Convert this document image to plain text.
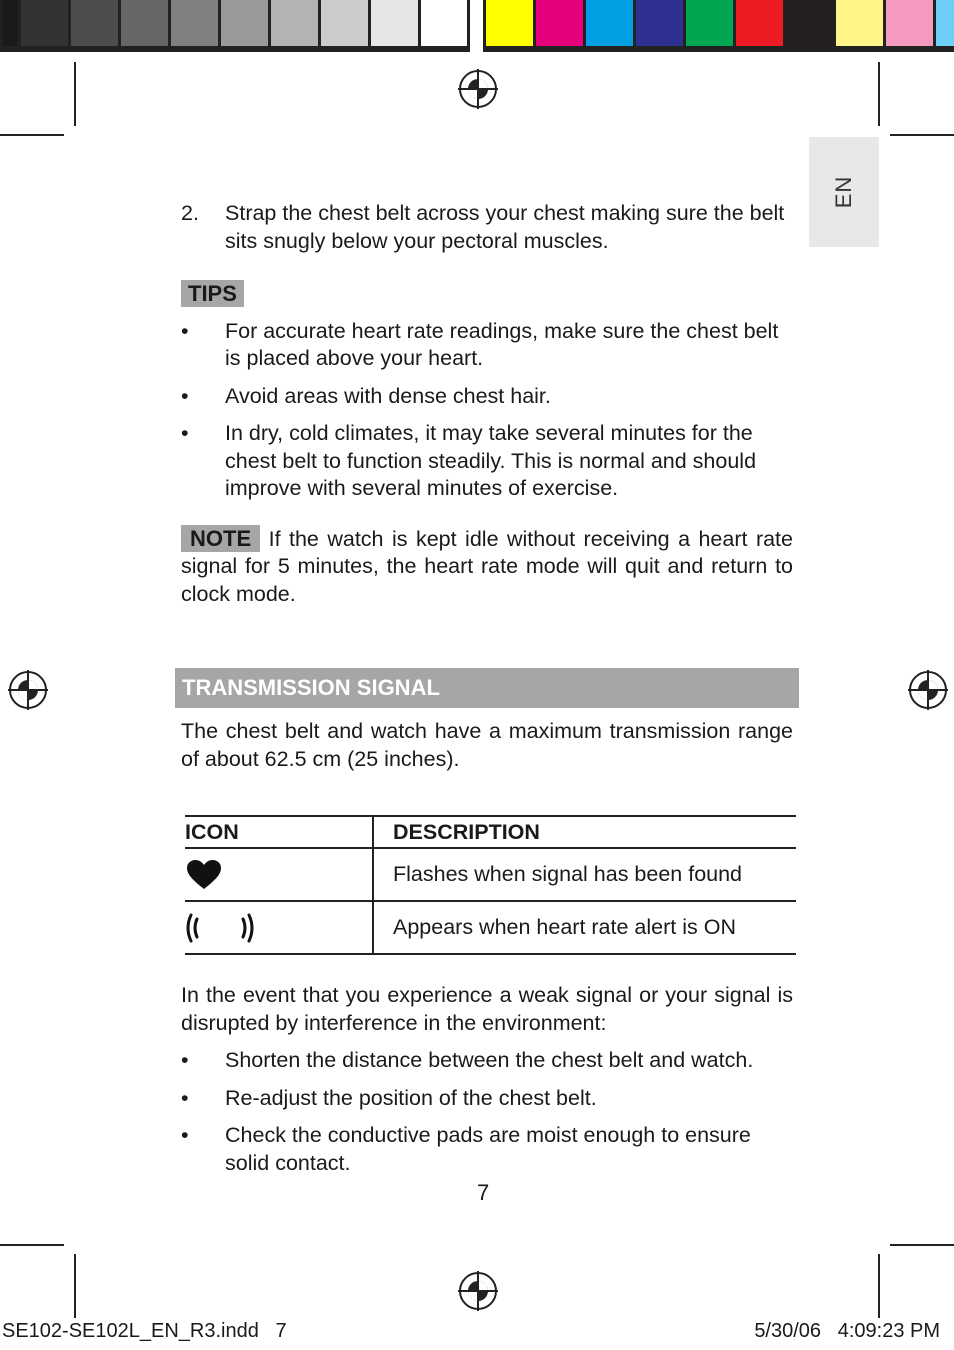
EN
2. Strap the chest belt across your chest making sure the belt sits snugly below your pectoral muscles.
TIPS
• For accurate heart rate readings, make sure the chest belt is placed above your heart.
• Avoid areas with dense chest hair.
• In dry, cold climates, it may take several minutes for the chest belt to function steadily. This is normal and should improve with several minutes of exercise.

NOTE If the watch is kept idle without receiving a heart rate signal for 5 minutes, the heart rate mode will quit and return to clock mode.

TRANSMISSION SIGNAL

The chest belt and watch have a maximum transmission range of about 62.5 cm (25 inches).

ICON	DESCRIPTION

	Flashes when signal has been found

	Appears when heart rate alert is ON

In the event that you experience a weak signal or your signal is disrupted by interference in the environment:

• Shorten the distance between the chest belt and watch.
• Re-adjust the position of the chest belt.
• Check the conductive pads are moist enough to ensure solid contact.
7
SE102-SE102L_EN_R3.indd   7	5/30/06   4:09:23 PM
